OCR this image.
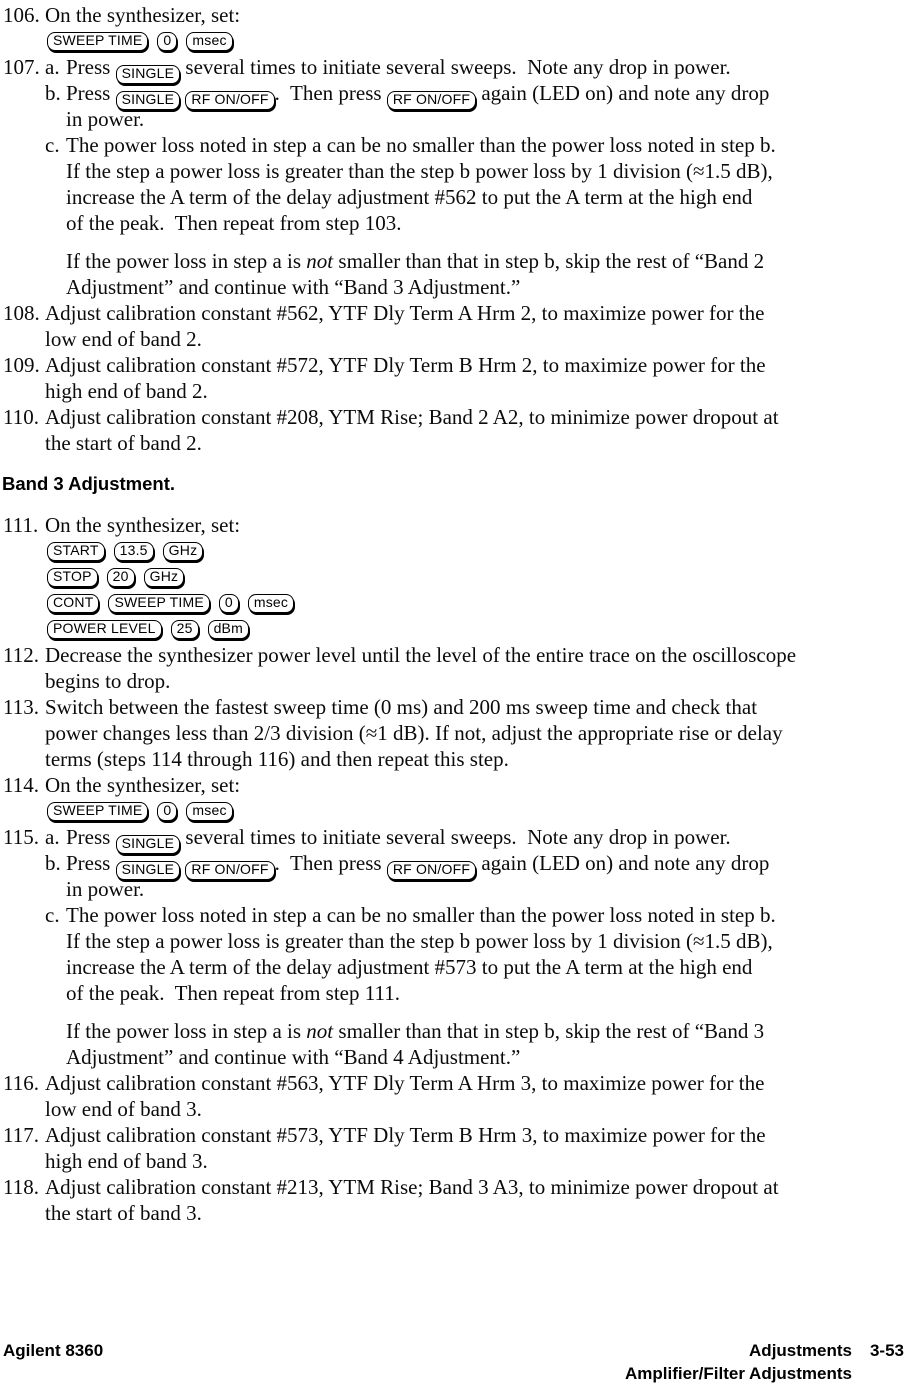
106. On the synthesizer, set:
SWEEP TIME	0	msec
107. a. Press SINGLE several times to initiate several sweeps.  Note any drop in power.
b. Press SINGLE RF ON/OFF .  Then press RF ON/OFF again (LED on) and note any drop
in power.
c. The power loss noted in step a can be no smaller than the power loss noted in step b.
If the step a power loss is greater than the step b power loss by 1 division (≈1.5 dB),
increase the A term of the delay adjustment #562 to put the A term at the high end
of the peak.  Then repeat from step 103.
If the power loss in step a is not smaller than that in step b, skip the rest of “Band 2
Adjustment” and continue with “Band 3 Adjustment.”
108. Adjust calibration constant #562, YTF Dly Term A Hrm 2, to maximize power for the
low end of band 2.
109. Adjust calibration constant #572, YTF Dly Term B Hrm 2, to maximize power for the
high end of band 2.
110. Adjust calibration constant #208, YTM Rise; Band 2 A2, to minimize power dropout at
the start of band 2.
Band 3 Adjustment.
111. On the synthesizer, set:
START	13.5	GHz
STOP	20	GHz
CONT	SWEEP TIME	0	msec
POWER LEVEL	25	dBm
112. Decrease the synthesizer power level until the level of the entire trace on the oscilloscope
begins to drop.
113. Switch between the fastest sweep time (0 ms) and 200 ms sweep time and check that
power changes less than 2/3 division (≈1 dB). If not, adjust the appropriate rise or delay
terms (steps 114 through 116) and then repeat this step.
114. On the synthesizer, set:
SWEEP TIME	0	msec
115. a. Press SINGLE several times to initiate several sweeps.  Note any drop in power.
b. Press SINGLE RF ON/OFF .  Then press RF ON/OFF again (LED on) and note any drop
in power.
c. The power loss noted in step a can be no smaller than the power loss noted in step b.
If the step a power loss is greater than the step b power loss by 1 division (≈1.5 dB),
increase the A term of the delay adjustment #573 to put the A term at the high end
of the peak.  Then repeat from step 111.
If the power loss in step a is not smaller than that in step b, skip the rest of “Band 3
Adjustment” and continue with “Band 4 Adjustment.”
116. Adjust calibration constant #563, YTF Dly Term A Hrm 3, to maximize power for the
low end of band 3.
117. Adjust calibration constant #573, YTF Dly Term B Hrm 3, to maximize power for the
high end of band 3.
118. Adjust calibration constant #213, YTM Rise; Band 3 A3, to minimize power dropout at
the start of band 3.
Agilent 8360	Adjustments 3-53
Amplifier/Filter Adjustments
